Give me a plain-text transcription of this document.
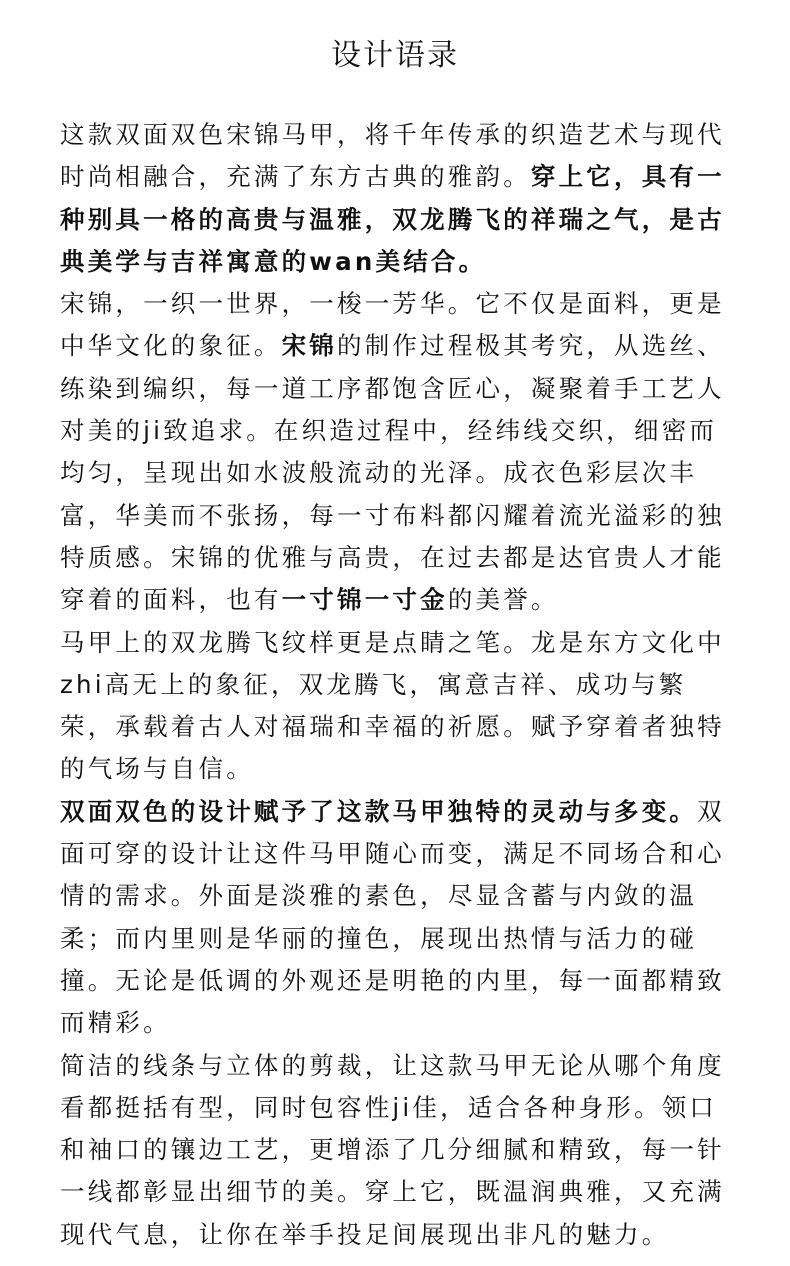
设计语录

这款双面双色宋锦马甲，将千年传承的织造艺术与现代时尚相融合，充满了东方古典的雅韵。穿上它，具有一种别具一格的高贵与温雅，双龙腾飞的祥瑞之气，是古典美学与吉祥寓意的wan美结合。

宋锦，一织一世界，一梭一芳华。它不仅是面料，更是中华文化的象征。宋锦的制作过程极其考究，从选丝、练染到编织，每一道工序都饱含匠心，凝聚着手工艺人对美的ji致追求。在织造过程中，经纬线交织，细密而均匀，呈现出如水波般流动的光泽。成衣色彩层次丰富，华美而不张扬，每一寸布料都闪耀着流光溢彩的独特质感。宋锦的优雅与高贵，在过去都是达官贵人才能穿着的面料，也有一寸锦一寸金的美誉。

马甲上的双龙腾飞纹样更是点睛之笔。龙是东方文化中zhi高无上的象征，双龙腾飞，寓意吉祥、成功与繁荣，承载着古人对福瑞和幸福的祈愿。赋予穿着者独特的气场与自信。

双面双色的设计赋予了这款马甲独特的灵动与多变。双面可穿的设计让这件马甲随心而变，满足不同场合和心情的需求。外面是淡雅的素色，尽显含蓄与内敛的温柔；而内里则是华丽的撞色，展现出热情与活力的碰撞。无论是低调的外观还是明艳的内里，每一面都精致而精彩。

简洁的线条与立体的剪裁，让这款马甲无论从哪个角度看都挺括有型，同时包容性ji佳，适合各种身形。领口和袖口的镶边工艺，更增添了几分细腻和精致，每一针一线都彰显出细节的美。穿上它，既温润典雅，又充满现代气息，让你在举手投足间展现出非凡的魅力。
